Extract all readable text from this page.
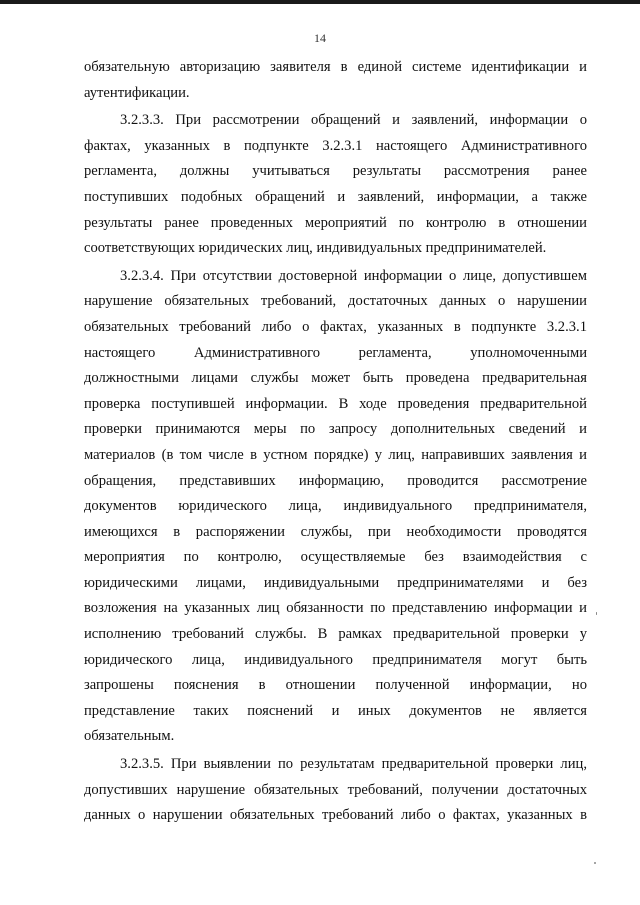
14
обязательную авторизацию заявителя в единой системе идентификации и
аутентификации.
3.2.3.3. При рассмотрении обращений и заявлений, информации о
фактах, указанных в подпункте 3.2.3.1 настоящего Административного
регламента, должны учитываться результаты рассмотрения ранее
поступивших подобных обращений и заявлений, информации, а также
результаты ранее проведенных мероприятий по контролю в отношении
соответствующих юридических лиц, индивидуальных предпринимателей.
3.2.3.4. При отсутствии достоверной информации о лице, допустившем
нарушение обязательных требований, достаточных данных о нарушении
обязательных требований либо о фактах, указанных в подпункте 3.2.3.1
настоящего Административного регламента, уполномоченными
должностными лицами службы может быть проведена предварительная
проверка поступившей информации. В ходе проведения предварительной
проверки принимаются меры по запросу дополнительных сведений и
материалов (в том числе в устном порядке) у лиц, направивших заявления и
обращения, представивших информацию, проводится рассмотрение
документов юридического лица, индивидуального предпринимателя,
имеющихся в распоряжении службы, при необходимости проводятся
мероприятия по контролю, осуществляемые без взаимодействия с
юридическими лицами, индивидуальными предпринимателями и без
возложения на указанных лиц обязанности по представлению информации и
исполнению требований службы. В рамках предварительной проверки у
юридического лица, индивидуального предпринимателя могут быть
запрошены пояснения в отношении полученной информации, но
представление таких пояснений и иных документов не является
обязательным.
3.2.3.5. При выявлении по результатам предварительной проверки лиц,
допустивших нарушение обязательных требований, получении достаточных
данных о нарушении обязательных требований либо о фактах, указанных в
